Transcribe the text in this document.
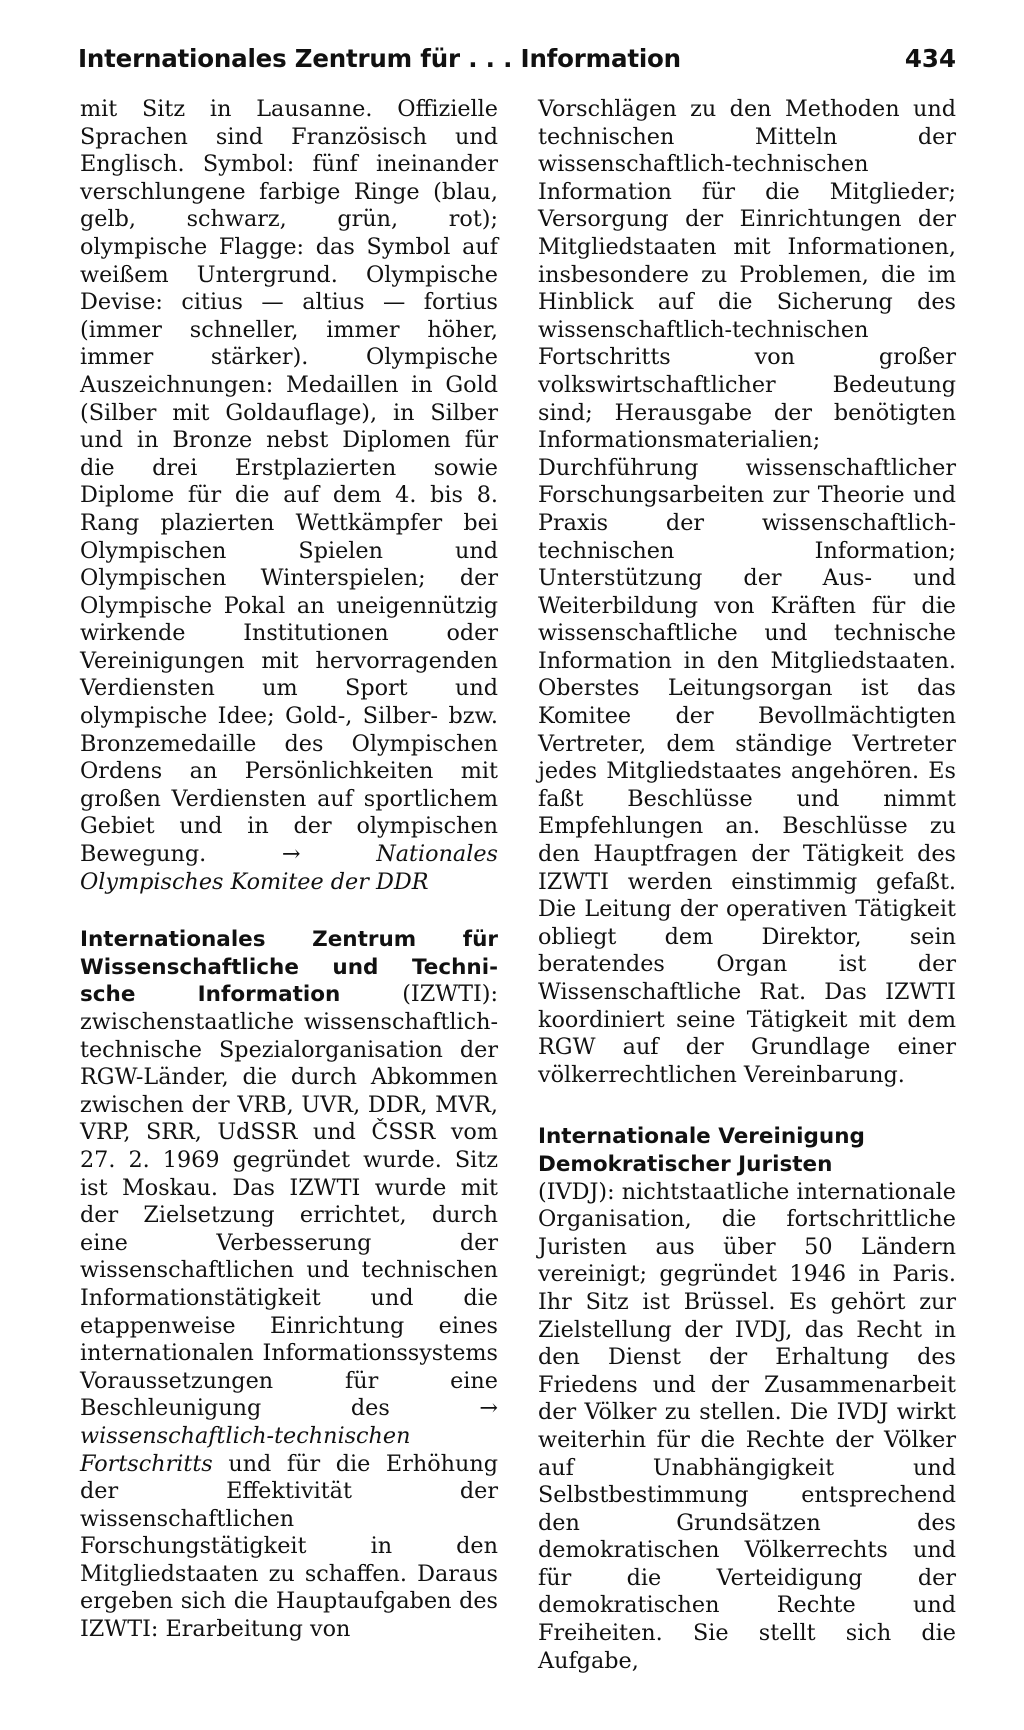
Internationales Zentrum für . . . Information	434

mit Sitz in Lausanne. Offizielle Sprachen sind Französisch und Englisch. Symbol: fünf ineinander verschlungene farbige Ringe (blau, gelb, schwarz, grün, rot); olympische Flagge: das Symbol auf weißem Untergrund. Olympische Devise: citius — altius — fortius (immer schneller, immer höher, immer stärker). Olympische Auszeichnungen: Medaillen in Gold (Silber mit Goldauflage), in Silber und in Bronze nebst Diplomen für die drei Erstplazierten sowie Diplome für die auf dem 4. bis 8. Rang plazierten Wettkämpfer bei Olympischen Spielen und Olympischen Winterspielen; der Olympische Pokal an uneigennützig wirkende Institutionen oder Vereinigungen mit hervorragenden Verdiensten um Sport und olympische Idee; Gold-, Silber- bzw. Bronzemedaille des Olympischen Ordens an Persönlichkeiten mit großen Verdiensten auf sportlichem Gebiet und in der olympischen Bewegung.	→	Nationales Olympisches Komitee der DDR

Internationales Zentrum für
Wissenschaftliche und Techni-

sche Information	(IZWTI): zwischenstaatliche wissenschaftlich-technische Spezialorganisation der RGW-Länder, die durch Abkommen zwischen der VRB, UVR, DDR, MVR, VRP, SRR, UdSSR und ČSSR vom 27. 2. 1969 gegründet wurde. Sitz ist Moskau. Das IZWTI wurde mit der Zielsetzung errichtet, durch eine Verbesserung der wissenschaftlichen und technischen Informationstätigkeit und die etappenweise Einrichtung eines internationalen Informationssystems Voraussetzungen für eine Beschleunigung des	→ wissenschaftlich-technischen Fortschritts und für die Erhöhung der Effektivität der wissenschaftlichen Forschungstätigkeit in den Mitgliedstaaten zu schaffen. Daraus ergeben sich die Hauptaufgaben des IZWTI: Erarbeitung von

Vorschlägen zu den Methoden und technischen Mitteln der wissenschaftlich-technischen Information für die Mitglieder; Versorgung der Einrichtungen der Mitgliedstaaten mit Informationen, insbesondere zu Problemen, die im Hinblick auf die Sicherung des wissenschaftlich-technischen Fortschritts von großer volkswirtschaftlicher Bedeutung sind; Herausgabe der benötigten Informationsmaterialien; Durchführung wissenschaftlicher Forschungsarbeiten zur Theorie und Praxis der wissenschaftlich-technischen Information; Unterstützung der Aus- und Weiterbildung von Kräften für die wissenschaftliche und technische Information in den Mitgliedstaaten. Oberstes Leitungsorgan ist das Komitee der Bevollmächtigten Vertreter, dem ständige Vertreter jedes Mitgliedstaates angehören. Es faßt Beschlüsse und nimmt Empfehlungen an. Beschlüsse zu den Hauptfragen der Tätigkeit des IZWTI werden einstimmig gefaßt. Die Leitung der operativen Tätigkeit obliegt dem Direktor, sein beratendes Organ ist der Wissenschaftliche Rat. Das IZWTI koordiniert seine Tätigkeit mit dem RGW auf der Grundlage einer völkerrechtlichen Vereinbarung.

Internationale Vereinigung
Demokratischer Juristen

(IVDJ): nichtstaatliche internationale Organisation, die fortschrittliche Juristen aus über 50 Ländern vereinigt; gegründet 1946 in Paris. Ihr Sitz ist Brüssel. Es gehört zur Zielstellung der IVDJ, das Recht in den Dienst der Erhaltung des Friedens und der Zusammenarbeit der Völker zu stellen. Die IVDJ wirkt weiterhin für die Rechte der Völker auf Unabhängigkeit und Selbstbestimmung entsprechend den Grundsätzen des demokratischen Völkerrechts und für die Verteidigung der demokratischen Rechte und Freiheiten. Sie stellt sich die Aufgabe,
